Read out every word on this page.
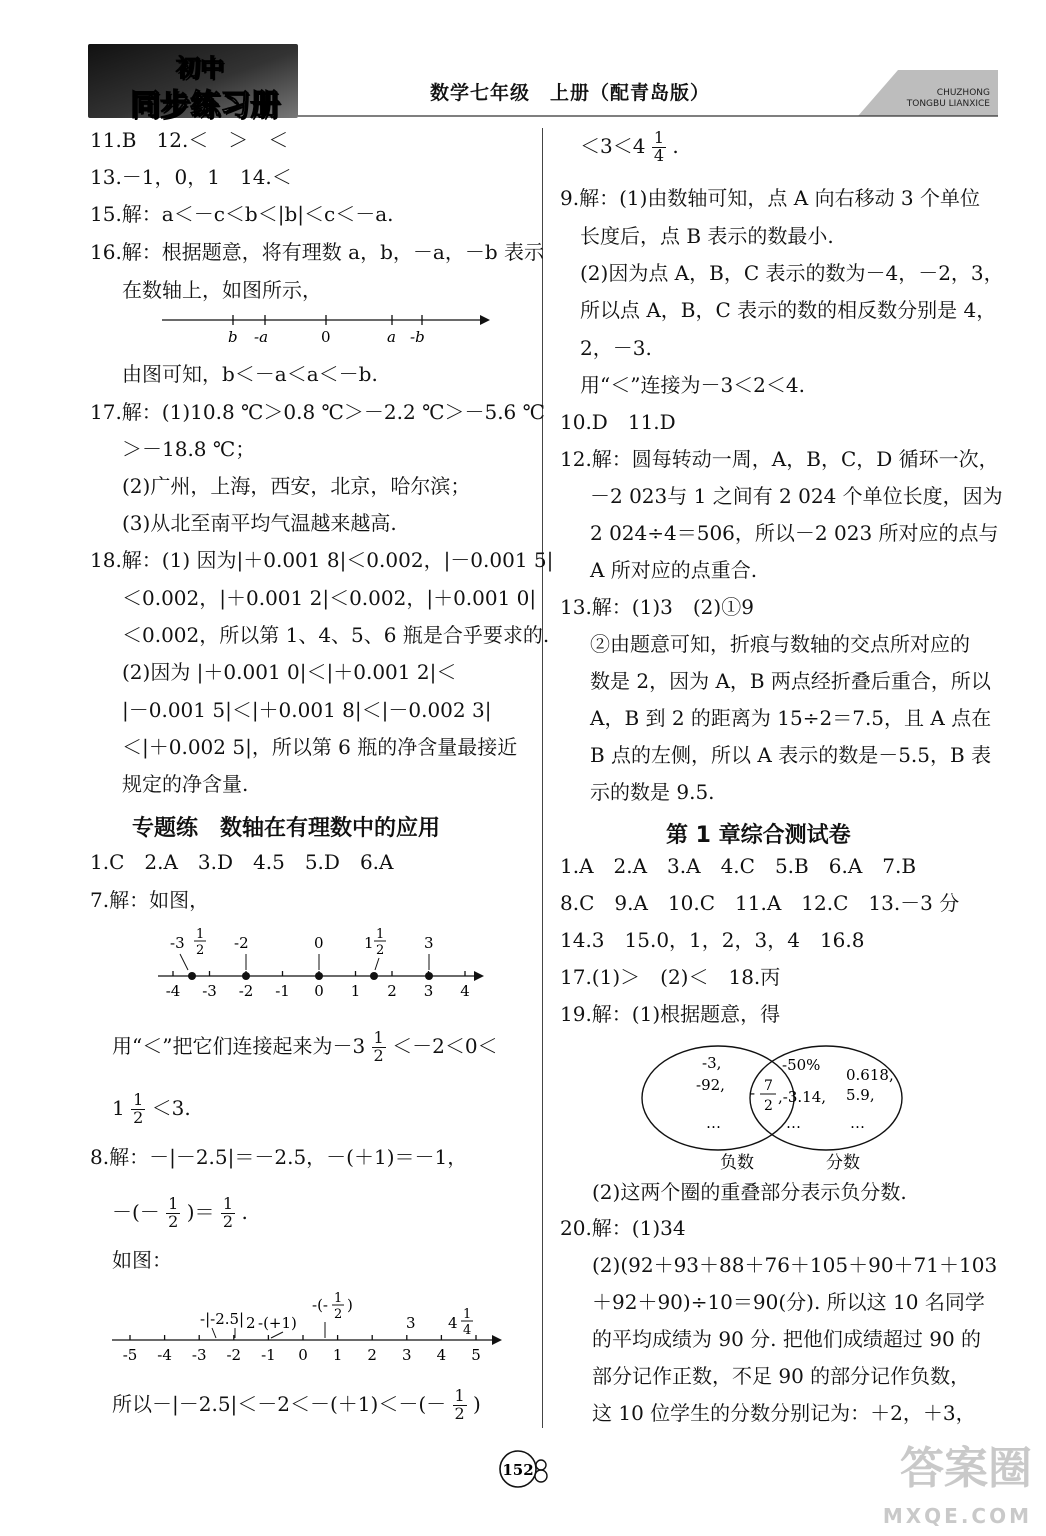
初中
同步练习册	数学七年级　上册（配青岛版）	CHUZHONG
TONGBU LIANXICE
11.B　12.＜　＞　＜
13.－1，0，1　14.＜
15.解：a＜－c＜b＜|b|＜c＜－a.
16.解：根据题意，将有理数 a，b，－a，－b 表示
在数轴上，如图所示，
b -a	0	a -b
由图可知，b＜－a＜a＜－b.
17.解：(1)10.8 ℃＞0.8 ℃＞－2.2 ℃＞－5.6 ℃
＞－18.8 ℃；
(2)广州，上海，西安，北京，哈尔滨；
(3)从北至南平均气温越来越高.
18.解：(1) 因为|＋0.001 8|＜0.002，|－0.001 5|
＜0.002，|＋0.001 2|＜0.002，|＋0.001 0|
＜0.002，所以第 1、4、5、6 瓶是合乎要求的.
(2)因为 |＋0.001 0|＜|＋0.001 2|＜
|－0.001 5|＜|＋0.001 8|＜|－0.002 3|
＜|＋0.002 5|，所以第 6 瓶的净含量最接近
规定的净含量.
专题练　数轴在有理数中的应用
1.C　2.A　3.D　4.5　5.D　6.A
7.解：如图，
-3 1
2 -2	0	1 1
2	3
-4 -3 -2 -1 0 1 2 3 4
用“＜”把它们连接起来为$-3 \frac{1}{2} <-2<0<$
$1 \frac{1}{2} <3$.
8.解：－|－2.5|＝－2.5，－(＋1)＝－1，
－(－ $\frac{1}{2}$ )＝ $\frac{1}{2}$ .
如图：
-|-2.5| 2 -(+1)
-(- 1
2
)
3 4 1
4
-5 -4 -3 -2 -1 0 1 2 3 4 5
所以$-|-2.5|<-2<-(+1)<-(- \frac{1}{2}$ )
$<3<4 \frac{1}{4}$ .
9.解：(1)由数轴可知，点 A 向右移动 3 个单位
长度后，点 B 表示的数最小.
(2)因为点 A，B，C 表示的数为－4，－2，3，
所以点 A，B，C 表示的数的相反数分别是 4，
2，－3.
用“＜”连接为－3＜2＜4.
10.D　11.D
12.解：圆每转动一周，A，B，C，D 循环一次，
－2 023与 1 之间有 2 024 个单位长度，因为
2 024÷4＝506，所以－2 023 所对应的点与
A 所对应的点重合.
13.解：(1)3　(2)①9
②由题意可知，折痕与数轴的交点所对应的
数是 2，因为 A，B 两点经折叠后重合，所以
A，B 到 2 的距离为 15÷2＝7.5，且 A 点在
B 点的左侧，所以 A 表示的数是－5.5，B 表
示的数是 9.5.
第 1 章综合测试卷
1.A　2.A　3.A　4.C　5.B　6.A　7.B
8.C　9.A　10.C　11.A　12.C　13.－3 分
14.3　15.0，1，2，3，4　16.8
17.(1)＞　(2)＜　18.丙
19.解：(1)根据题意，得
-3,
-92,
…
-50%
- 7
2 ,-3.14,
…
0.618,
5.9,
…
负数	分数
(2)这两个圈的重叠部分表示负分数.
20.解：(1)34
(2)(92＋93＋88＋76＋105＋90＋71＋103
＋92＋90)÷10＝90(分). 所以这 10 名同学
的平均成绩为 90 分. 把他们成绩超过 90 的
部分记作正数，不足 90 的部分记作负数，
这 10 位学生的分数分别记为：＋2，＋3，
152	答案圈
MXQE.COM
